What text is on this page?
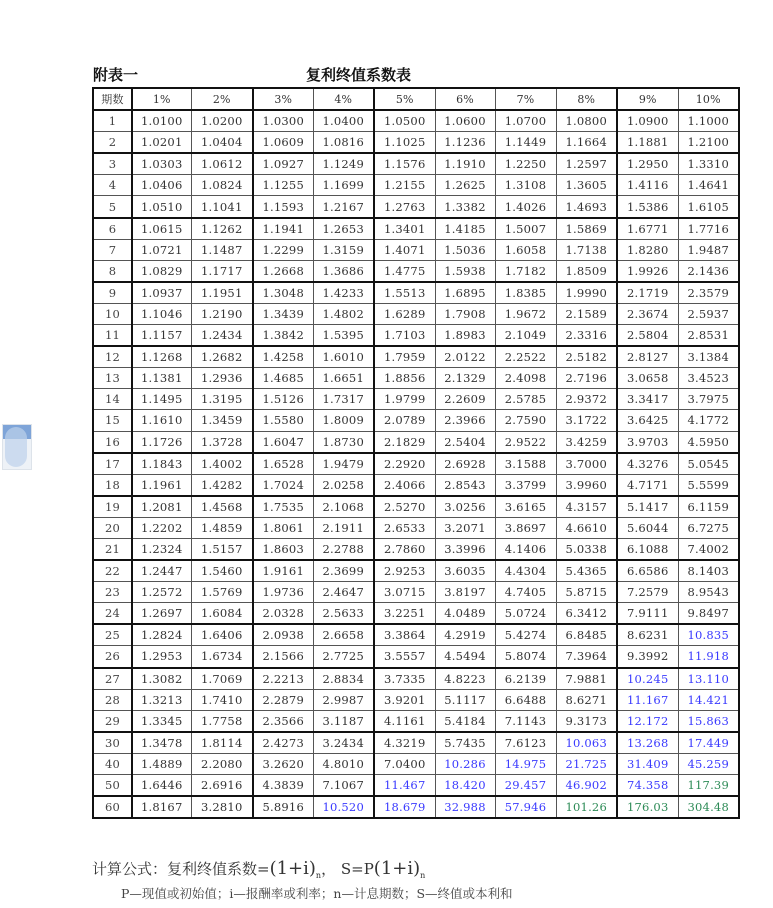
附表一	复利终值系数表
期数	1%	2%	3%	4%	5%	6%	7%	8%	9%	10%
1	1.0100	1.0200	1.0300	1.0400	1.0500	1.0600	1.0700	1.0800	1.0900	1.1000
2	1.0201	1.0404	1.0609	1.0816	1.1025	1.1236	1.1449	1.1664	1.1881	1.2100
3	1.0303	1.0612	1.0927	1.1249	1.1576	1.1910	1.2250	1.2597	1.2950	1.3310
4	1.0406	1.0824	1.1255	1.1699	1.2155	1.2625	1.3108	1.3605	1.4116	1.4641
5	1.0510	1.1041	1.1593	1.2167	1.2763	1.3382	1.4026	1.4693	1.5386	1.6105
6	1.0615	1.1262	1.1941	1.2653	1.3401	1.4185	1.5007	1.5869	1.6771	1.7716
7	1.0721	1.1487	1.2299	1.3159	1.4071	1.5036	1.6058	1.7138	1.8280	1.9487
8	1.0829	1.1717	1.2668	1.3686	1.4775	1.5938	1.7182	1.8509	1.9926	2.1436
9	1.0937	1.1951	1.3048	1.4233	1.5513	1.6895	1.8385	1.9990	2.1719	2.3579
10	1.1046	1.2190	1.3439	1.4802	1.6289	1.7908	1.9672	2.1589	2.3674	2.5937
11	1.1157	1.2434	1.3842	1.5395	1.7103	1.8983	2.1049	2.3316	2.5804	2.8531
12	1.1268	1.2682	1.4258	1.6010	1.7959	2.0122	2.2522	2.5182	2.8127	3.1384
13	1.1381	1.2936	1.4685	1.6651	1.8856	2.1329	2.4098	2.7196	3.0658	3.4523
14	1.1495	1.3195	1.5126	1.7317	1.9799	2.2609	2.5785	2.9372	3.3417	3.7975
15	1.1610	1.3459	1.5580	1.8009	2.0789	2.3966	2.7590	3.1722	3.6425	4.1772
16	1.1726	1.3728	1.6047	1.8730	2.1829	2.5404	2.9522	3.4259	3.9703	4.5950
17	1.1843	1.4002	1.6528	1.9479	2.2920	2.6928	3.1588	3.7000	4.3276	5.0545
18	1.1961	1.4282	1.7024	2.0258	2.4066	2.8543	3.3799	3.9960	4.7171	5.5599
19	1.2081	1.4568	1.7535	2.1068	2.5270	3.0256	3.6165	4.3157	5.1417	6.1159
20	1.2202	1.4859	1.8061	2.1911	2.6533	3.2071	3.8697	4.6610	5.6044	6.7275
21	1.2324	1.5157	1.8603	2.2788	2.7860	3.3996	4.1406	5.0338	6.1088	7.4002
22	1.2447	1.5460	1.9161	2.3699	2.9253	3.6035	4.4304	5.4365	6.6586	8.1403
23	1.2572	1.5769	1.9736	2.4647	3.0715	3.8197	4.7405	5.8715	7.2579	8.9543
24	1.2697	1.6084	2.0328	2.5633	3.2251	4.0489	5.0724	6.3412	7.9111	9.8497
25	1.2824	1.6406	2.0938	2.6658	3.3864	4.2919	5.4274	6.8485	8.6231	10.835
26	1.2953	1.6734	2.1566	2.7725	3.5557	4.5494	5.8074	7.3964	9.3992	11.918
27	1.3082	1.7069	2.2213	2.8834	3.7335	4.8223	6.2139	7.9881	10.245	13.110
28	1.3213	1.7410	2.2879	2.9987	3.9201	5.1117	6.6488	8.6271	11.167	14.421
29	1.3345	1.7758	2.3566	3.1187	4.1161	5.4184	7.1143	9.3173	12.172	15.863
30	1.3478	1.8114	2.4273	3.2434	4.3219	5.7435	7.6123	10.063	13.268	17.449
40	1.4889	2.2080	3.2620	4.8010	7.0400	10.286	14.975	21.725	31.409	45.259
50	1.6446	2.6916	4.3839	7.1067	11.467	18.420	29.457	46.902	74.358	117.39
60	1.8167	3.2810	5.8916	10.520	18.679	32.988	57.946	101.26	176.03	304.48
计算公式：复利终值系数$=(1+i)_n$， $S=P(1+i)_n$
P—现值或初始值；i—报酬率或利率；n—计息期数；S—终值或本利和
